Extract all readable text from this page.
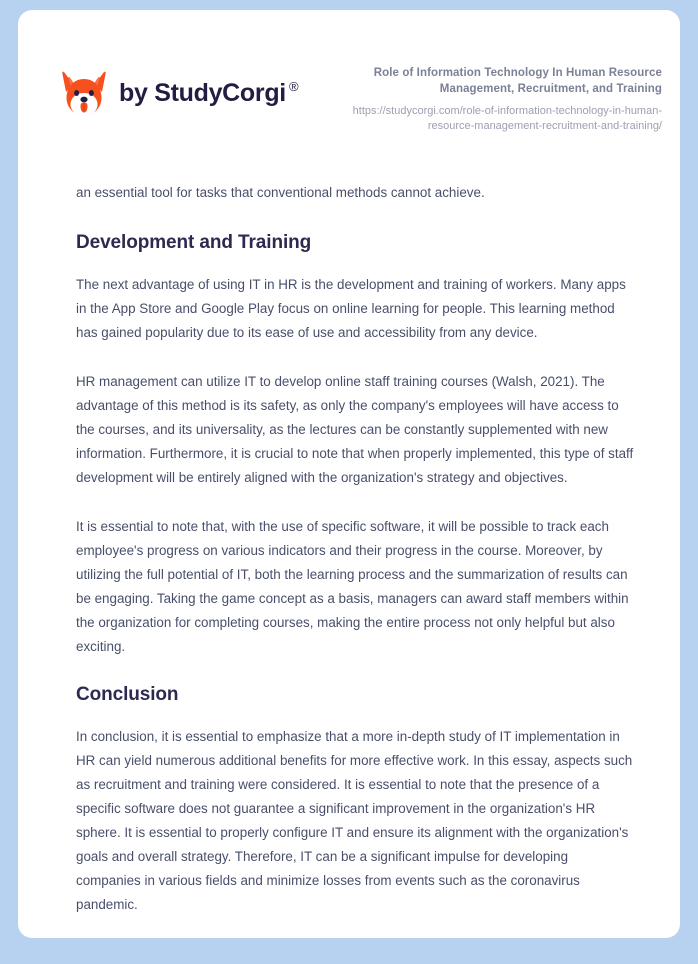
by StudyCorgi ®
Role of Information Technology In Human Resource Management, Recruitment, and Training
https://studycorgi.com/role-of-information-technology-in-human-resource-management-recruitment-and-training/

an essential tool for tasks that conventional methods cannot achieve.

Development and Training

The next advantage of using IT in HR is the development and training of workers. Many apps in the App Store and Google Play focus on online learning for people. This learning method has gained popularity due to its ease of use and accessibility from any device.

HR management can utilize IT to develop online staff training courses (Walsh, 2021). The advantage of this method is its safety, as only the company's employees will have access to the courses, and its universality, as the lectures can be constantly supplemented with new information. Furthermore, it is crucial to note that when properly implemented, this type of staff development will be entirely aligned with the organization's strategy and objectives.

It is essential to note that, with the use of specific software, it will be possible to track each employee's progress on various indicators and their progress in the course. Moreover, by utilizing the full potential of IT, both the learning process and the summarization of results can be engaging. Taking the game concept as a basis, managers can award staff members within the organization for completing courses, making the entire process not only helpful but also exciting.

Conclusion

In conclusion, it is essential to emphasize that a more in-depth study of IT implementation in HR can yield numerous additional benefits for more effective work. In this essay, aspects such as recruitment and training were considered. It is essential to note that the presence of a specific software does not guarantee a significant improvement in the organization's HR sphere. It is essential to properly configure IT and ensure its alignment with the organization's goals and overall strategy. Therefore, IT can be a significant impulse for developing companies in various fields and minimize losses from events such as the coronavirus pandemic.
